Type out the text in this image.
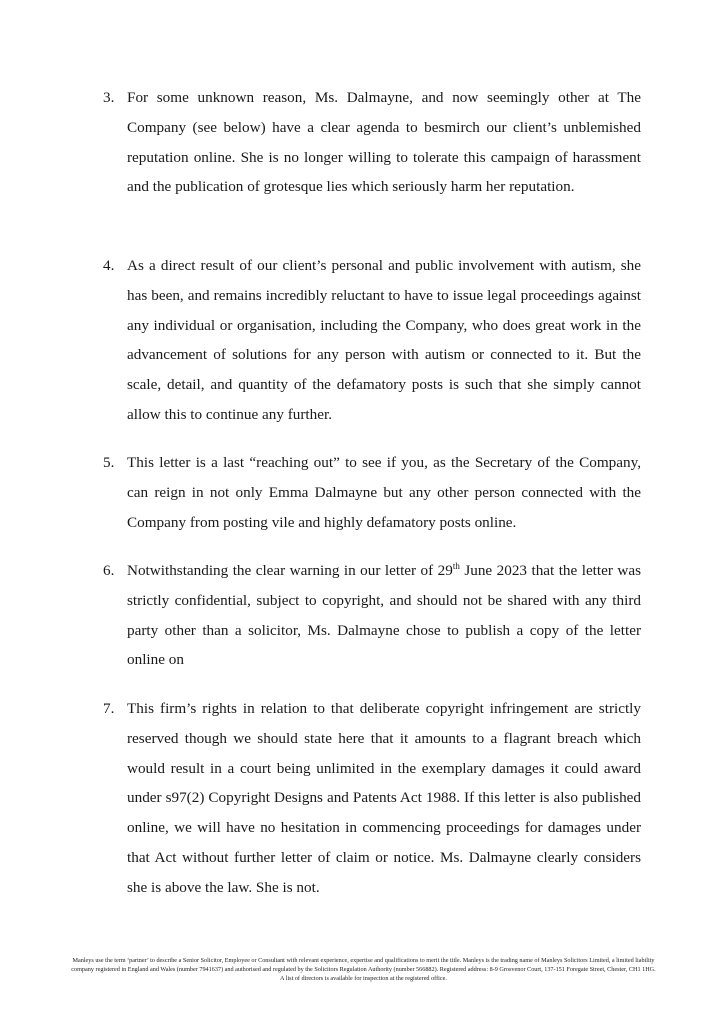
3. For some unknown reason, Ms. Dalmayne, and now seemingly other at The Company (see below) have a clear agenda to besmirch our client’s unblemished reputation online. She is no longer willing to tolerate this campaign of harassment and the publication of grotesque lies which seriously harm her reputation.
4. As a direct result of our client’s personal and public involvement with autism, she has been, and remains incredibly reluctant to have to issue legal proceedings against any individual or organisation, including the Company, who does great work in the advancement of solutions for any person with autism or connected to it. But the scale, detail, and quantity of the defamatory posts is such that she simply cannot allow this to continue any further.
5. This letter is a last “reaching out” to see if you, as the Secretary of the Company, can reign in not only Emma Dalmayne but any other person connected with the Company from posting vile and highly defamatory posts online.
6. Notwithstanding the clear warning in our letter of 29th June 2023 that the letter was strictly confidential, subject to copyright, and should not be shared with any third party other than a solicitor, Ms. Dalmayne chose to publish a copy of the letter online on
7. This firm’s rights in relation to that deliberate copyright infringement are strictly reserved though we should state here that it amounts to a flagrant breach which would result in a court being unlimited in the exemplary damages it could award under s97(2) Copyright Designs and Patents Act 1988. If this letter is also published online, we will have no hesitation in commencing proceedings for damages under that Act without further letter of claim or notice. Ms. Dalmayne clearly considers she is above the law. She is not.
Manleys use the term ‘partner’ to describe a Senior Solicitor, Employee or Consultant with relevant experience, expertise and qualifications to merit the title. Manleys is the trading name of Manleys Solicitors Limited, a limited liability company registered in England and Wales (number 7941637) and authorised and regulated by the Solicitors Regulation Authority (number 566882). Registered address: 8-9 Grosvenor Court, 137-151 Foregate Street, Chester, CH1 1HG. A list of directors is available for inspection at the registered office.
